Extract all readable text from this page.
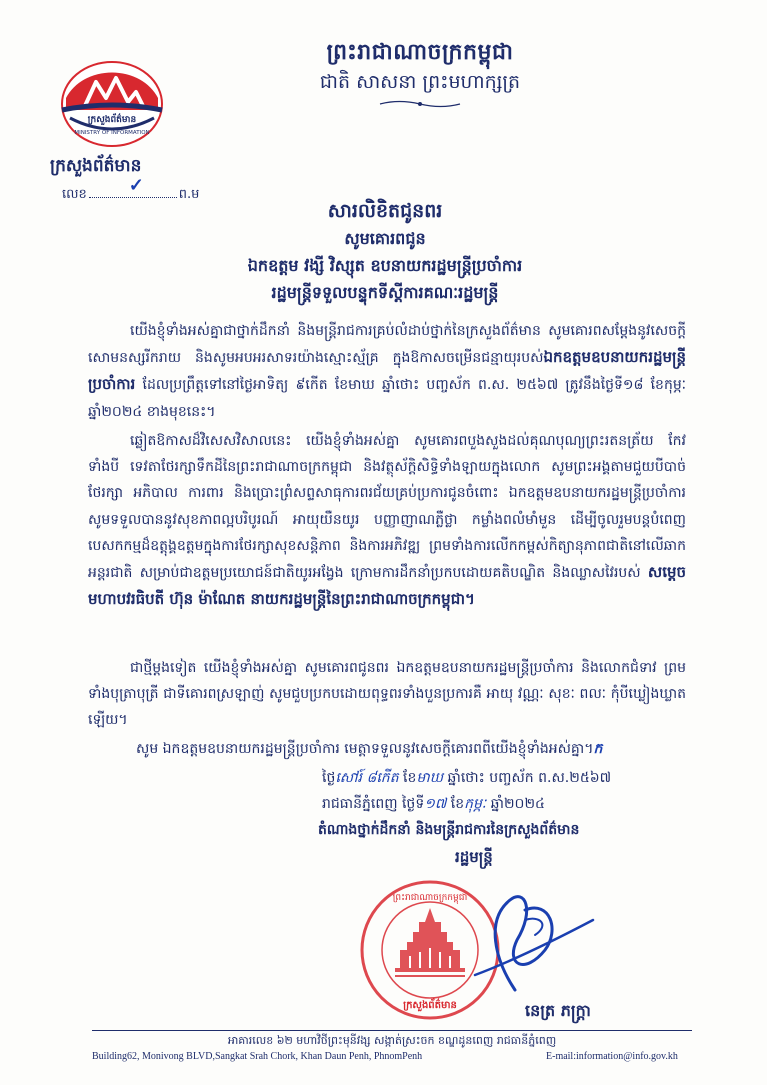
ព្រះរាជាណាចក្រកម្ពុជា
ជាតិ សាសនា ព្រះមហាក្សត្រ
ក្រសួងព័ត៌មាន
MINISTRY OF INFORMATION
ក្រសួងព័ត៌មាន
លេខ ✓	ព.ម
សារលិខិតជូនពរ
សូមគោរពជូន
ឯកឧត្តម វង្សី វិស្សុត ឧបនាយករដ្ឋមន្ត្រីប្រចាំការ
រដ្ឋមន្ត្រីទទួលបន្ទុកទីស្តីការគណៈរដ្ឋមន្ត្រី
យើងខ្ញុំទាំងអស់គ្នាជាថ្នាក់ដឹកនាំ និងមន្ត្រីរាជការគ្រប់លំដាប់ថ្នាក់នៃក្រសួងព័ត៌មាន សូមគោរពសម្តែងនូវសេចក្តីសោមនស្សរីករាយ និងសូមអបអរសាទរយ៉ាងស្មោះស្ម័គ្រ ក្នុងឱកាសចម្រើនជន្មាយុរបស់ឯកឧត្តមឧបនាយករដ្ឋមន្ត្រីប្រចាំការ ដែលប្រព្រឹត្តទៅនៅថ្ងៃអាទិត្យ ៩កើត ខែមាឃ ឆ្នាំថោះ បញ្ចស័ក ព.ស. ២៥៦៧ ត្រូវនឹងថ្ងៃទី១៨ ខែកុម្ភៈ ឆ្នាំ២០២៤ ខាងមុខនេះ។
ឆ្លៀតឱកាសដ៏វិសេសវិសាលនេះ យើងខ្ញុំទាំងអស់គ្នា សូមគោរពបួងសួងដល់គុណបុណ្យព្រះរតនត្រ័យ កែវទាំងបី ទេវតាថែរក្សាទឹកដីនៃព្រះរាជាណាចក្រកម្ពុជា និងវត្ថុស័ក្តិសិទ្ធិទាំងឡាយក្នុងលោក សូមព្រះអង្គតាមជួយបីបាច់ថែរក្សា អភិបាល ការពារ និងប្រោះព្រំសព្ទសាធុការពរជ័យគ្រប់ប្រការជូនចំពោះ ឯកឧត្តមឧបនាយករដ្ឋមន្ត្រីប្រចាំការ សូមទទួលបាននូវសុខភាពល្អបរិបូរណ៍ អាយុយឺនយូរ បញ្ញាញាណភ្លឺថ្លា កម្លាំងពលំមាំមួន ដើម្បីចូលរួមបន្តបំពេញបេសកកម្មដ៏ឧត្តុង្គឧត្តមក្នុងការថែរក្សាសុខសន្តិភាព និងការអភិវឌ្ឍ ព្រមទាំងការលើកកម្ពស់កិត្យានុភាពជាតិនៅលើឆាកអន្តរជាតិ សម្រាប់ជាឧត្តមប្រយោជន៍ជាតិយូរអង្វែង ក្រោមការដឹកនាំប្រកបដោយគតិបណ្ឌិត និងឈ្លាសវៃរបស់ សម្តេចមហាបវរធិបតី ហ៊ុន ម៉ាណែត នាយករដ្ឋមន្ត្រីនៃព្រះរាជាណាចក្រកម្ពុជា។
ជាថ្មីម្តងទៀត យើងខ្ញុំទាំងអស់គ្នា សូមគោរពជូនពរ ឯកឧត្តមឧបនាយករដ្ឋមន្ត្រីប្រចាំការ និងលោកជំទាវ ព្រមទាំងបុត្រាបុត្រី ជាទីគោរពស្រឡាញ់ សូមជួបប្រកបដោយពុទ្ធពរទាំងបួនប្រការគឺ អាយុ វណ្ណៈ សុខៈ ពលៈ កុំបីឃ្លៀងឃ្លាតឡើយ។
សូម ឯកឧត្តមឧបនាយករដ្ឋមន្ត្រីប្រចាំការ មេត្តាទទួលនូវសេចក្តីគោរពពីយើងខ្ញុំទាំងអស់គ្នា។ក
ថ្ងៃសៅរ៍ ៨កើត ខែមាឃ ឆ្នាំថោះ បញ្ចស័ក ព.ស.២៥៦៧
រាជធានីភ្នំពេញ ថ្ងៃទី១៧ ខែកុម្ភៈ ឆ្នាំ២០២៤
តំណាងថ្នាក់ដឹកនាំ និងមន្ត្រីរាជការនៃក្រសួងព័ត៌មាន
រដ្ឋមន្ត្រី
ព្រះរាជាណាចក្រកម្ពុជា
ក្រសួងព័ត៌មាន	នេត្រ ភក្ត្រា
អាគារលេខ ៦២ មហាវិថីព្រះមុនីវង្ស សង្កាត់ស្រះចក ខណ្ឌដូនពេញ រាជធានីភ្នំពេញ
Building62, Monivong BLVD,Sangkat Srah Chork, Khan Daun Penh, PhnomPenh	E-mail:information@info.gov.kh
